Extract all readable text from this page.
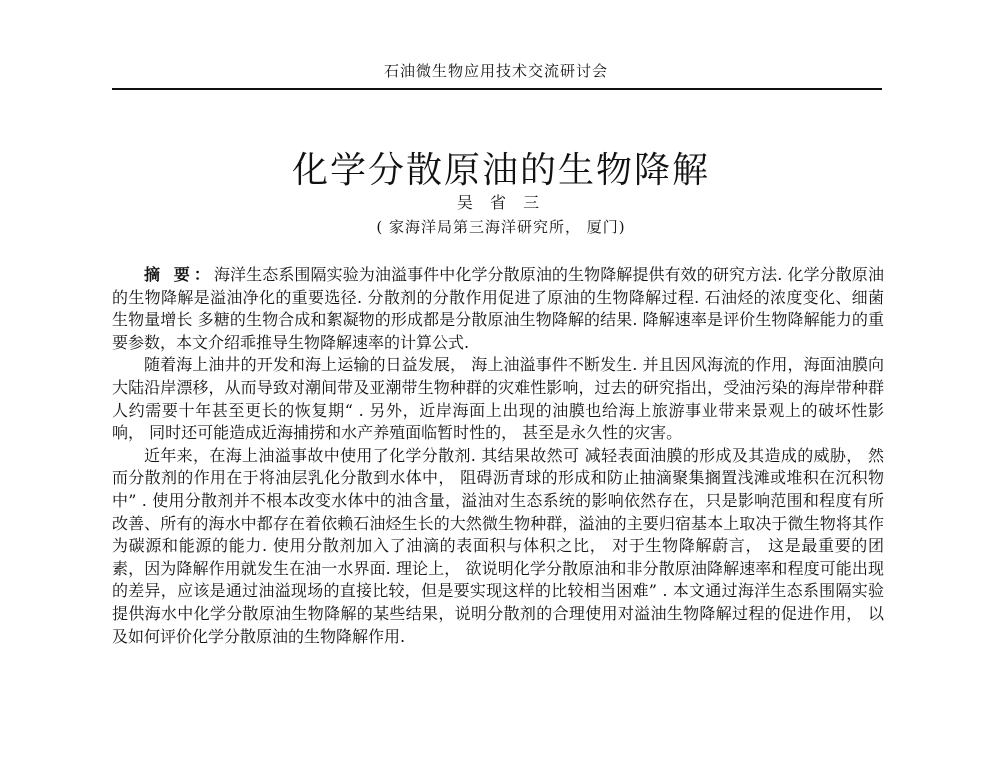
石油微生物应用技术交流研讨会
化学分散原油的生物降解
吴 省 三
( 家海洋局第三海洋研究所， 厦门)

摘 要：海洋生态系围隔实验为油溢事件中化学分散原油的生物降解提供有效的研究方法. 化学分散原油的生物降解是溢油净化的重要选径. 分散剂的分散作用促进了原油的生物降解过程. 石油烃的浓度变化、细菌生物量增长 多糖的生物合成和絮凝物的形成都是分散原油生物降解的结果. 降解速率是评价生物降解能力的重要参数，本文介绍乖推导生物降解速率的计算公式.

随着海上油井的开发和海上运输的日益发展， 海上油溢事件不断发生. 并且因风海流的作用，海面油膜向大陆沿岸漂移，从而导致对潮间带及亚潮带生物种群的灾难性影响，过去的研究指出，受油污染的海岸带种群人约需要十年甚至更长的恢复期“ . 另外，近岸海面上出现的油膜也给海上旅游事业带来景观上的破坏性影响， 同时还可能造成近海捕捞和水产养殖面临暂时性的， 甚至是永久性的灾害。

近年来，在海上油溢事故中使用了化学分散剂. 其结果故然可 减轻表面油膜的形成及其造成的威胁， 然而分散剂的作用在于将油层乳化分散到水体中， 阻碍沥青球的形成和防止抽滴聚集搁置浅滩或堆积在沉积物中” . 使用分散剂并不根本改变水体中的油含量，溢油对生态系统的影响依然存在，只是影响范围和程度有所改善、所有的海水中都存在着依赖石油烃生长的大然微生物种群，溢油的主要归宿基本上取决于微生物将其作为碳源和能源的能力. 使用分散剂加入了油滴的表面积与体积之比， 对于生物降解蔚言， 这是最重要的团素，因为降解作用就发生在油一水界面. 理论上， 欲说明化学分散原油和非分散原油降解速率和程度可能出现的差异，应该是通过油溢现场的直接比较，但是要实现这样的比较相当困难” . 本文通过海洋生态系围隔实验提供海水中化学分散原油生物降解的某些结果，说明分散剂的合理使用对溢油生物降解过程的促进作用， 以及如何评价化学分散原油的生物降解作用.
